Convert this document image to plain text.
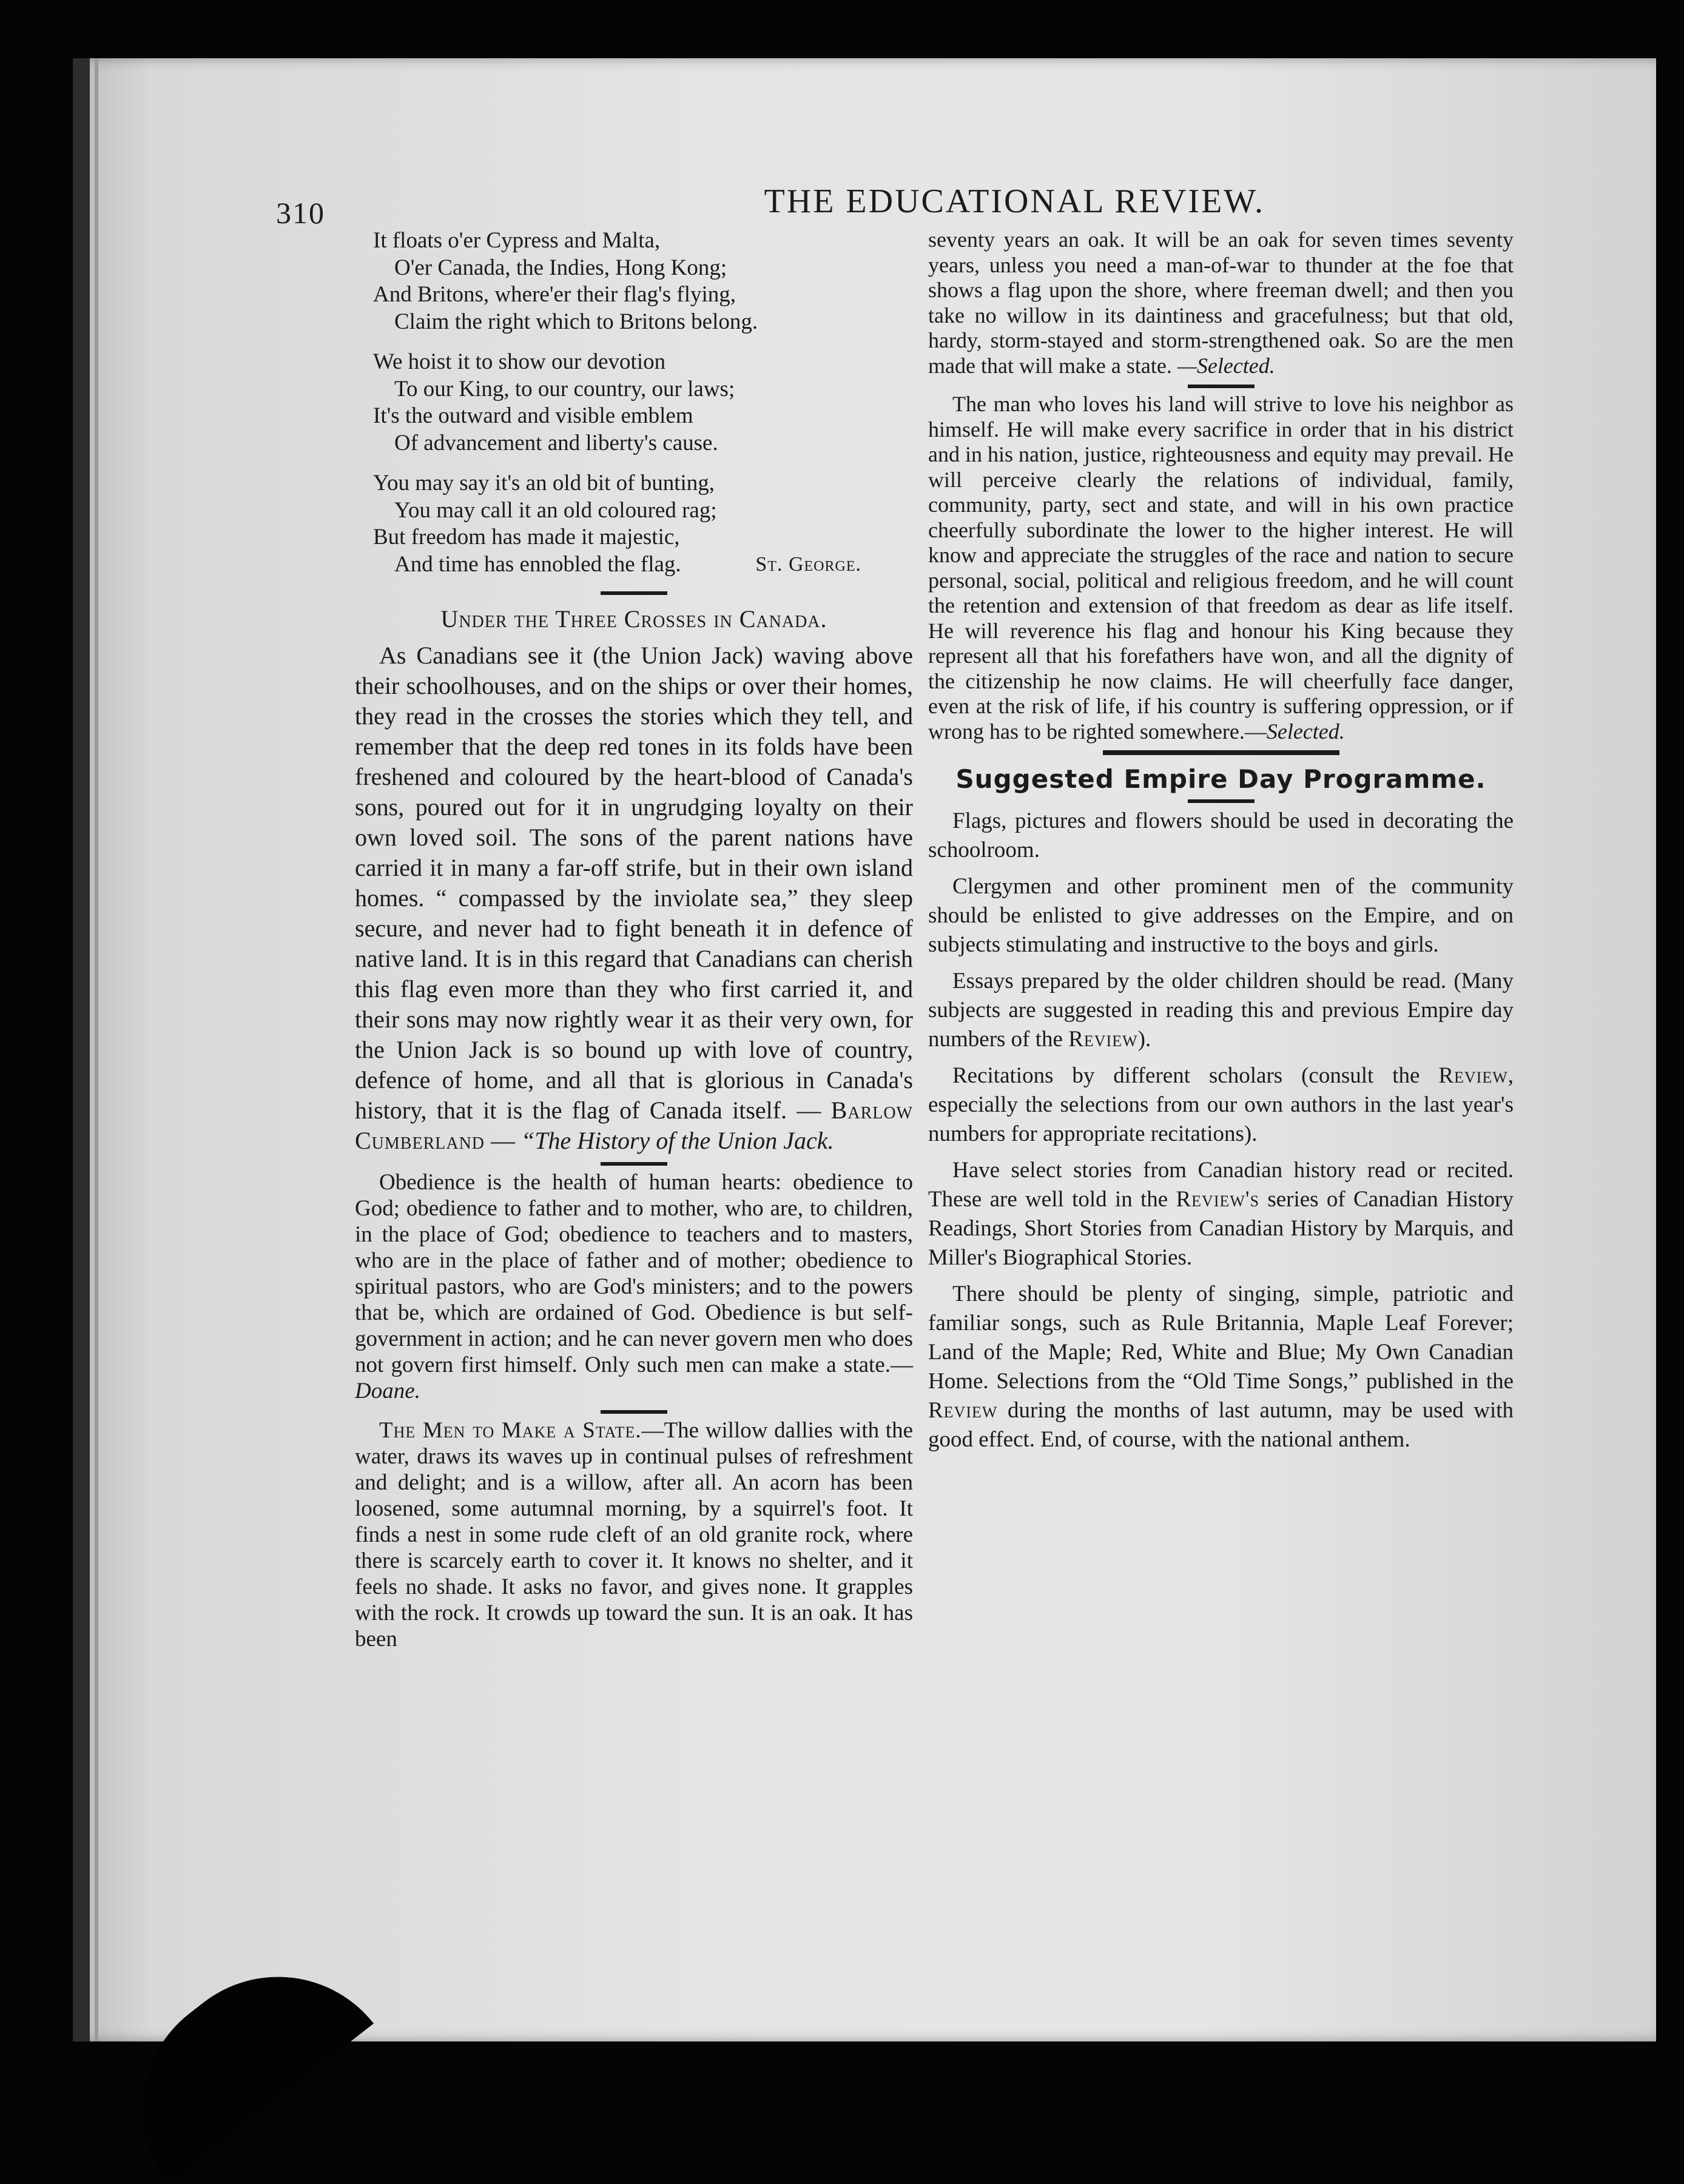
310	THE EDUCATIONAL REVIEW.
It floats o'er Cypress and Malta,
O'er Canada, the Indies, Hong Kong;
And Britons, where'er their flag's flying,
Claim the right which to Britons belong.
We hoist it to show our devotion
To our King, to our country, our laws;
It's the outward and visible emblem
Of advancement and liberty's cause.
You may say it's an old bit of bunting,
You may call it an old coloured rag;
But freedom has made it majestic,
And time has ennobled the flag.	St. George.
Under the Three Crosses in Canada.

As Canadians see it (the Union Jack) waving above their schoolhouses, and on the ships or over their homes, they read in the crosses the stories which they tell, and remember that the deep red tones in its folds have been freshened and coloured by the heart-blood of Canada's sons, poured out for it in ungrudging loyalty on their own loved soil. The sons of the parent nations have carried it in many a far-off strife, but in their own island homes. “ compassed by the inviolate sea,” they sleep secure, and never had to fight beneath it in defence of native land. It is in this regard that Canadians can cherish this flag even more than they who first carried it, and their sons may now rightly wear it as their very own, for the Union Jack is so bound up with love of country, defence of home, and all that is glorious in Canada's history, that it is the flag of Canada itself. — Barlow Cumberland — “The History of the Union Jack.

Obedience is the health of human hearts: obedience to God; obedience to father and to mother, who are, to children, in the place of God; obedience to teachers and to masters, who are in the place of father and of mother; obedience to spiritual pastors, who are God's ministers; and to the powers that be, which are ordained of God. Obedience is but self-government in action; and he can never govern men who does not govern first himself. Only such men can make a state.—Doane.

The Men to Make a State.—The willow dallies with the water, draws its waves up in continual pulses of refreshment and delight; and is a willow, after all. An acorn has been loosened, some autumnal morning, by a squirrel's foot. It finds a nest in some rude cleft of an old granite rock, where there is scarcely earth to cover it. It knows no shelter, and it feels no shade. It asks no favor, and gives none. It grapples with the rock. It crowds up toward the sun. It is an oak. It has been

seventy years an oak. It will be an oak for seven times seventy years, unless you need a man-of-war to thunder at the foe that shows a flag upon the shore, where freeman dwell; and then you take no willow in its daintiness and gracefulness; but that old, hardy, storm-stayed and storm-strengthened oak. So are the men made that will make a state. —Selected.

The man who loves his land will strive to love his neighbor as himself. He will make every sacrifice in order that in his district and in his nation, justice, righteousness and equity may prevail. He will perceive clearly the relations of individual, family, community, party, sect and state, and will in his own practice cheerfully subordinate the lower to the higher interest. He will know and appreciate the struggles of the race and nation to secure personal, social, political and religious freedom, and he will count the retention and extension of that freedom as dear as life itself. He will reverence his flag and honour his King because they represent all that his forefathers have won, and all the dignity of the citizenship he now claims. He will cheerfully face danger, even at the risk of life, if his country is suffering oppression, or if wrong has to be righted somewhere.—Selected.

Suggested Empire Day Programme.

Flags, pictures and flowers should be used in decorating the schoolroom.

Clergymen and other prominent men of the community should be enlisted to give addresses on the Empire, and on subjects stimulating and instructive to the boys and girls.

Essays prepared by the older children should be read. (Many subjects are suggested in reading this and previous Empire day numbers of the Review).

Recitations by different scholars (consult the Review, especially the selections from our own authors in the last year's numbers for appropriate recitations).

Have select stories from Canadian history read or recited. These are well told in the Review's series of Canadian History Readings, Short Stories from Canadian History by Marquis, and Miller's Biographical Stories.

There should be plenty of singing, simple, patriotic and familiar songs, such as Rule Britannia, Maple Leaf Forever; Land of the Maple; Red, White and Blue; My Own Canadian Home. Selections from the “Old Time Songs,” published in the Review during the months of last autumn, may be used with good effect. End, of course, with the national anthem.
